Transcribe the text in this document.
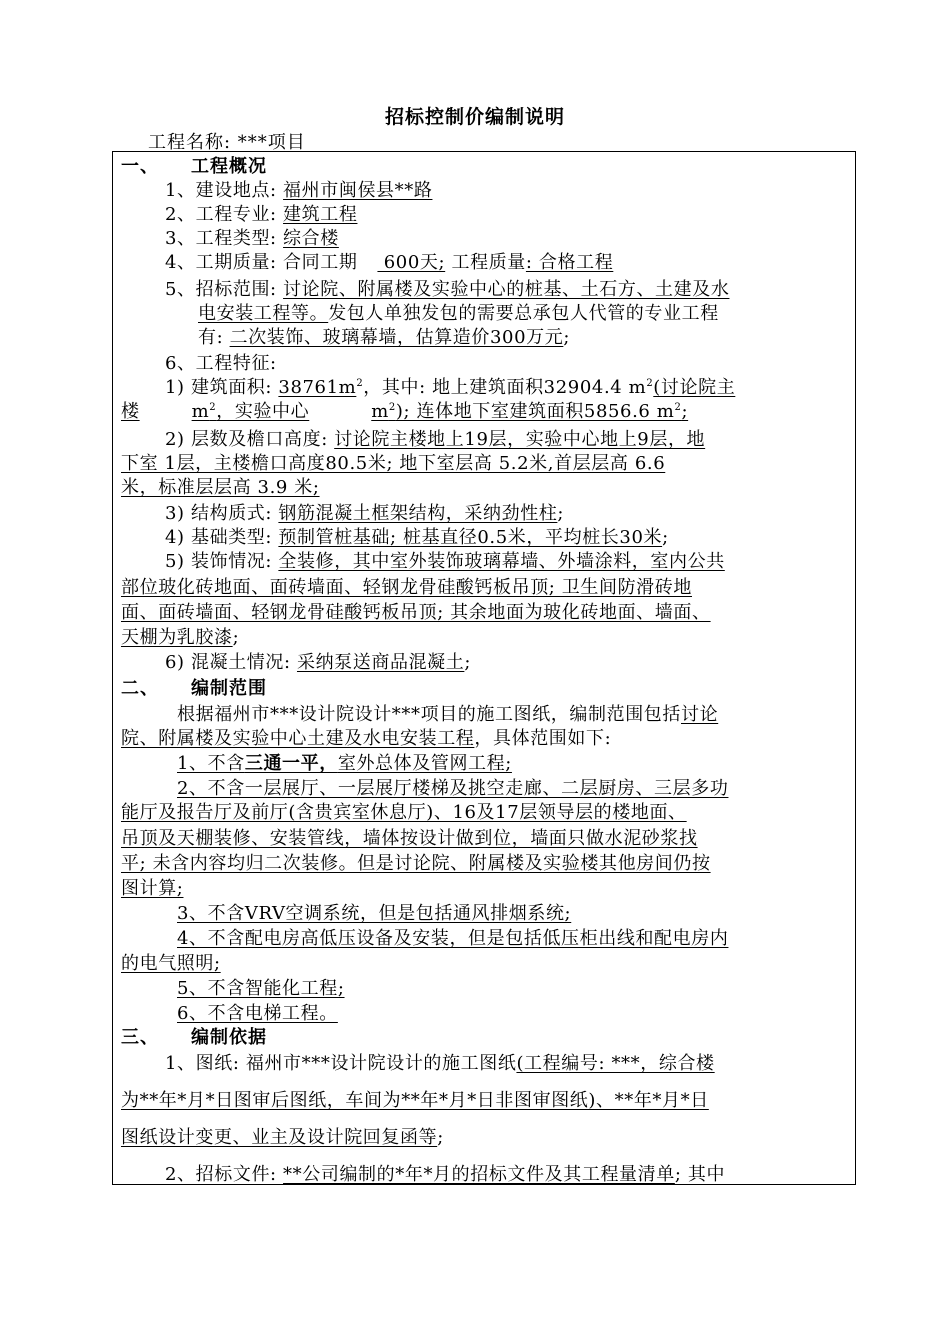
招标控制价编制说明
工程名称: ***项目
一、 工程概况
1、建设地点: 福州市闽侯县**路
2、工程专业: 建筑工程
3、工程类型: 综合楼
4、工期质量: 合同工期 600天; 工程质量: 合格工程
5、招标范围: 讨论院、附属楼及实验中心的桩基、土石方、土建及水
电安装工程等。发包人单独发包的需要总承包人代管的专业工程
有: 二次装饰、玻璃幕墙，估算造价300万元;
6、工程特征:
1) 建筑面积: $38761m^2$，其中: 地上建筑面积32904.4 $m^2$(讨论院主
楼	$m^2$，实验中心	$m^2$); 连体地下室建筑面积5856.6 $m^2$;
2) 层数及檐口高度: 讨论院主楼地上19层，实验中心地上9层，地
下室 1层，主楼檐口高度80.5米; 地下室层高 5.2米,首层层高 6.6
米，标准层层高 3.9 米;
3) 结构质式: 钢筋混凝土框架结构，采纳劲性柱;
4) 基础类型: 预制管桩基础; 桩基直径0.5米，平均桩长30米;
5) 装饰情况: 全装修，其中室外装饰玻璃幕墙、外墙涂料，室内公共
部位玻化砖地面、面砖墙面、轻钢龙骨硅酸钙板吊顶; 卫生间防滑砖地
面、面砖墙面、轻钢龙骨硅酸钙板吊顶; 其余地面为玻化砖地面、墙面、
天棚为乳胶漆;
6) 混凝土情况: 采纳泵送商品混凝土;
二、 编制范围
根据福州市***设计院设计***项目的施工图纸，编制范围包括讨论
院、附属楼及实验中心土建及水电安装工程，具体范围如下:
1、不含三通一平，室外总体及管网工程;
2、不含一层展厅、一层展厅楼梯及挑空走廊、二层厨房、三层多功
能厅及报告厅及前厅(含贵宾室休息厅)、16及17层领导层的楼地面、
吊顶及天棚装修、安装管线，墙体按设计做到位，墙面只做水泥砂浆找
平; 未含内容均归二次装修。但是讨论院、附属楼及实验楼其他房间仍按
图计算;
3、不含VRV空调系统，但是包括通风排烟系统;
4、不含配电房高低压设备及安装，但是包括低压柜出线和配电房内
的电气照明;
5、不含智能化工程;
6、不含电梯工程。
三、 编制依据
1、图纸: 福州市***设计院设计的施工图纸(工程编号: ***，综合楼
为**年*月*日图审后图纸，车间为**年*月*日非图审图纸)、**年*月*日
图纸设计变更、业主及设计院回复函等;
2、招标文件: **公司编制的*年*月的招标文件及其工程量清单; 其中
